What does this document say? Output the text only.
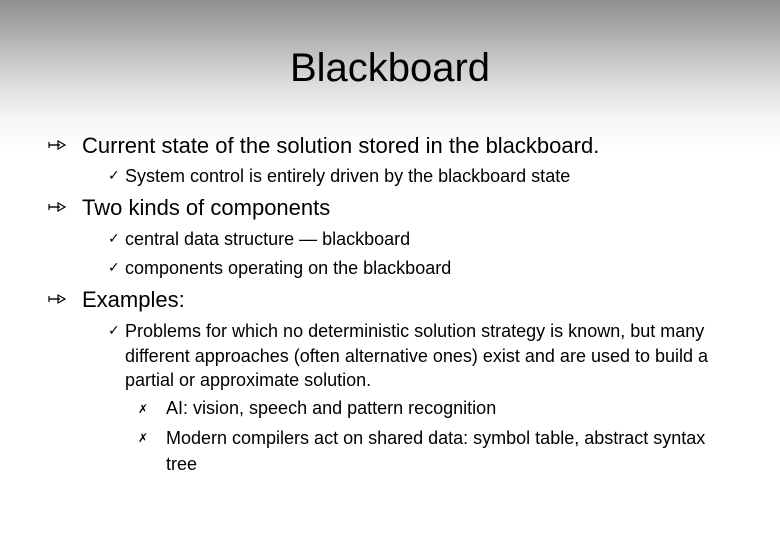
Blackboard
Current state of the solution stored in the blackboard.
✓ System control is entirely driven by the blackboard state
Two kinds of components
✓ central data structure — blackboard
✓ components operating on the blackboard
Examples:
✓ Problems for which no deterministic solution strategy is known, but many different approaches (often alternative ones) exist and are used to build a partial or approximate solution.
✗ AI: vision, speech and pattern recognition
✗ Modern compilers act on shared data: symbol table, abstract syntax tree
